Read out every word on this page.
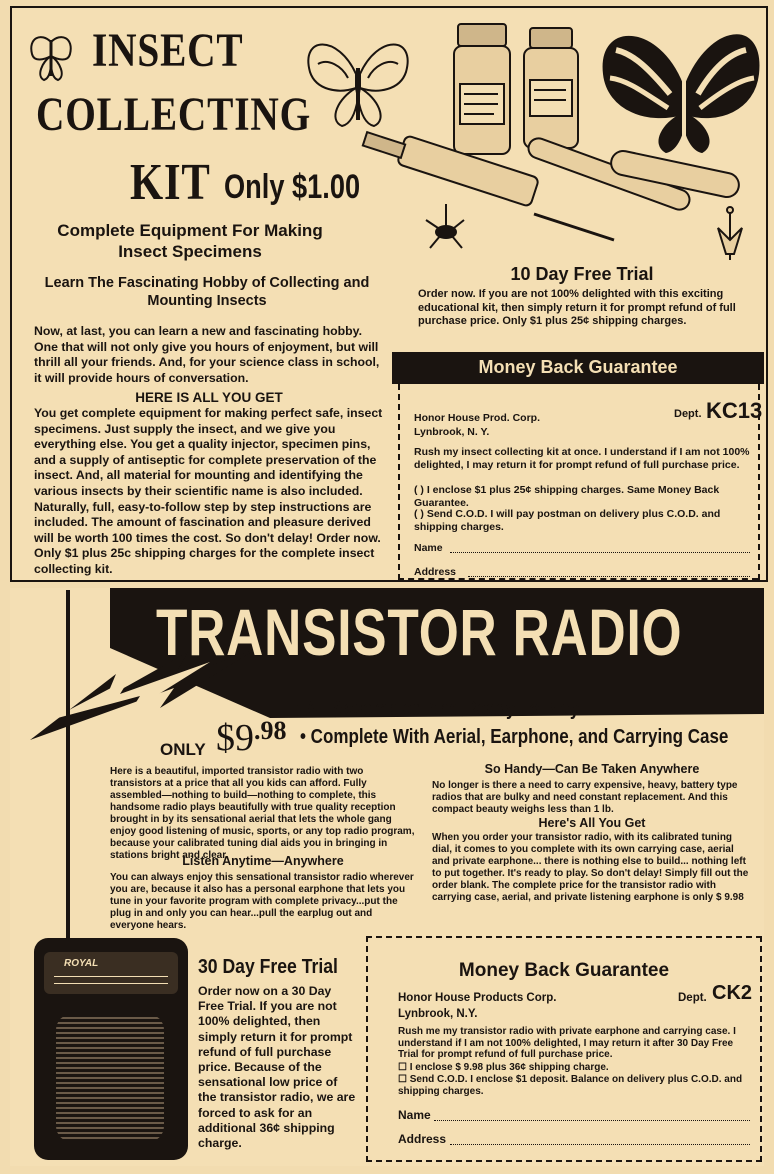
INSECT
COLLECTING
KIT Only $1.00
Complete Equipment For Making Insect Specimens
Learn The Fascinating Hobby of Collecting and Mounting Insects
Now, at last, you can learn a new and fascinating hobby. One that will not only give you hours of enjoyment, but will thrill all your friends. And, for your science class in school, it will provide hours of conversation.
HERE IS ALL YOU GET
You get complete equipment for making perfect safe, insect specimens. Just supply the insect, and we give you everything else. You get a quality injector, specimen pins, and a supply of antiseptic for complete preservation of the insect. And, all material for mounting and identifying the various insects by their scientific name is also included. Naturally, full, easy-to-follow step by step instructions are included. The amount of fascination and pleasure derived will be worth 100 times the cost. So don't delay! Order now. Only $1 plus 25c shipping charges for the complete insect collecting kit.
10 Day Free Trial
Order now. If you are not 100% delighted with this exciting educational kit, then simply return it for prompt refund of full purchase price. Only $1 plus 25¢ shipping charges.
Money Back Guarantee
Honor House Prod. Corp.
Lynbrook, N. Y.
Dept. KC13
Rush my insect collecting kit at once. I understand if I am not 100% delighted, I may return it for prompt refund of full purchase price.
( ) I enclose $1 plus 25¢ shipping charges. Same Money Back Guarantee.
( ) Send C.O.D. I will pay postman on delivery plus C.O.D. and shipping charges.
Name
Address
TRANSISTOR RADIO
• All Assembled And Ready To Play
ONLY $\$9^{.98}$ • Complete With Aerial, Earphone, and Carrying Case
Here is a beautiful, imported transistor radio with two transistors at a price that all you kids can afford. Fully assembled—nothing to build—nothing to complete, this handsome radio plays beautifully with true quality reception brought in by its sensational aerial that lets the whole gang enjoy good listening of music, sports, or any top radio program, because your calibrated tuning dial aids you in bringing in stations bright and clear.
Listen Anytime—Anywhere
You can always enjoy this sensational transistor radio wherever you are, because it also has a personal earphone that lets you tune in your favorite program with complete privacy...put the plug in and only you can hear...pull the earplug out and everyone hears.
So Handy—Can Be Taken Anywhere
No longer is there a need to carry expensive, heavy, battery type radios that are bulky and need constant replacement. And this compact beauty weighs less than 1 lb.
Here's All You Get
When you order your transistor radio, with its calibrated tuning dial, it comes to you complete with its own carrying case, aerial and private earphone... there is nothing else to build... nothing left to put together. It's ready to play. So don't delay! Simply fill out the order blank. The complete price for the transistor radio with carrying case, aerial, and private listening earphone is only $ 9.98
ROYAL	30 Day Free Trial
Order now on a 30 Day Free Trial. If you are not 100% delighted, then simply return it for prompt refund of full purchase price. Because of the sensational low price of the transistor radio, we are forced to ask for an additional 36¢ shipping charge.
Money Back Guarantee
Honor House Products Corp.
Lynbrook, N.Y.
Dept. CK2
Rush me my transistor radio with private earphone and carrying case. I understand if I am not 100% delighted, I may return it after 30 Day Free Trial for prompt refund of full purchase price.
☐ I enclose $ 9.98 plus 36¢ shipping charge.
☐ Send C.O.D. I enclose $1 deposit. Balance on delivery plus C.O.D. and shipping charges.
Name
Address
